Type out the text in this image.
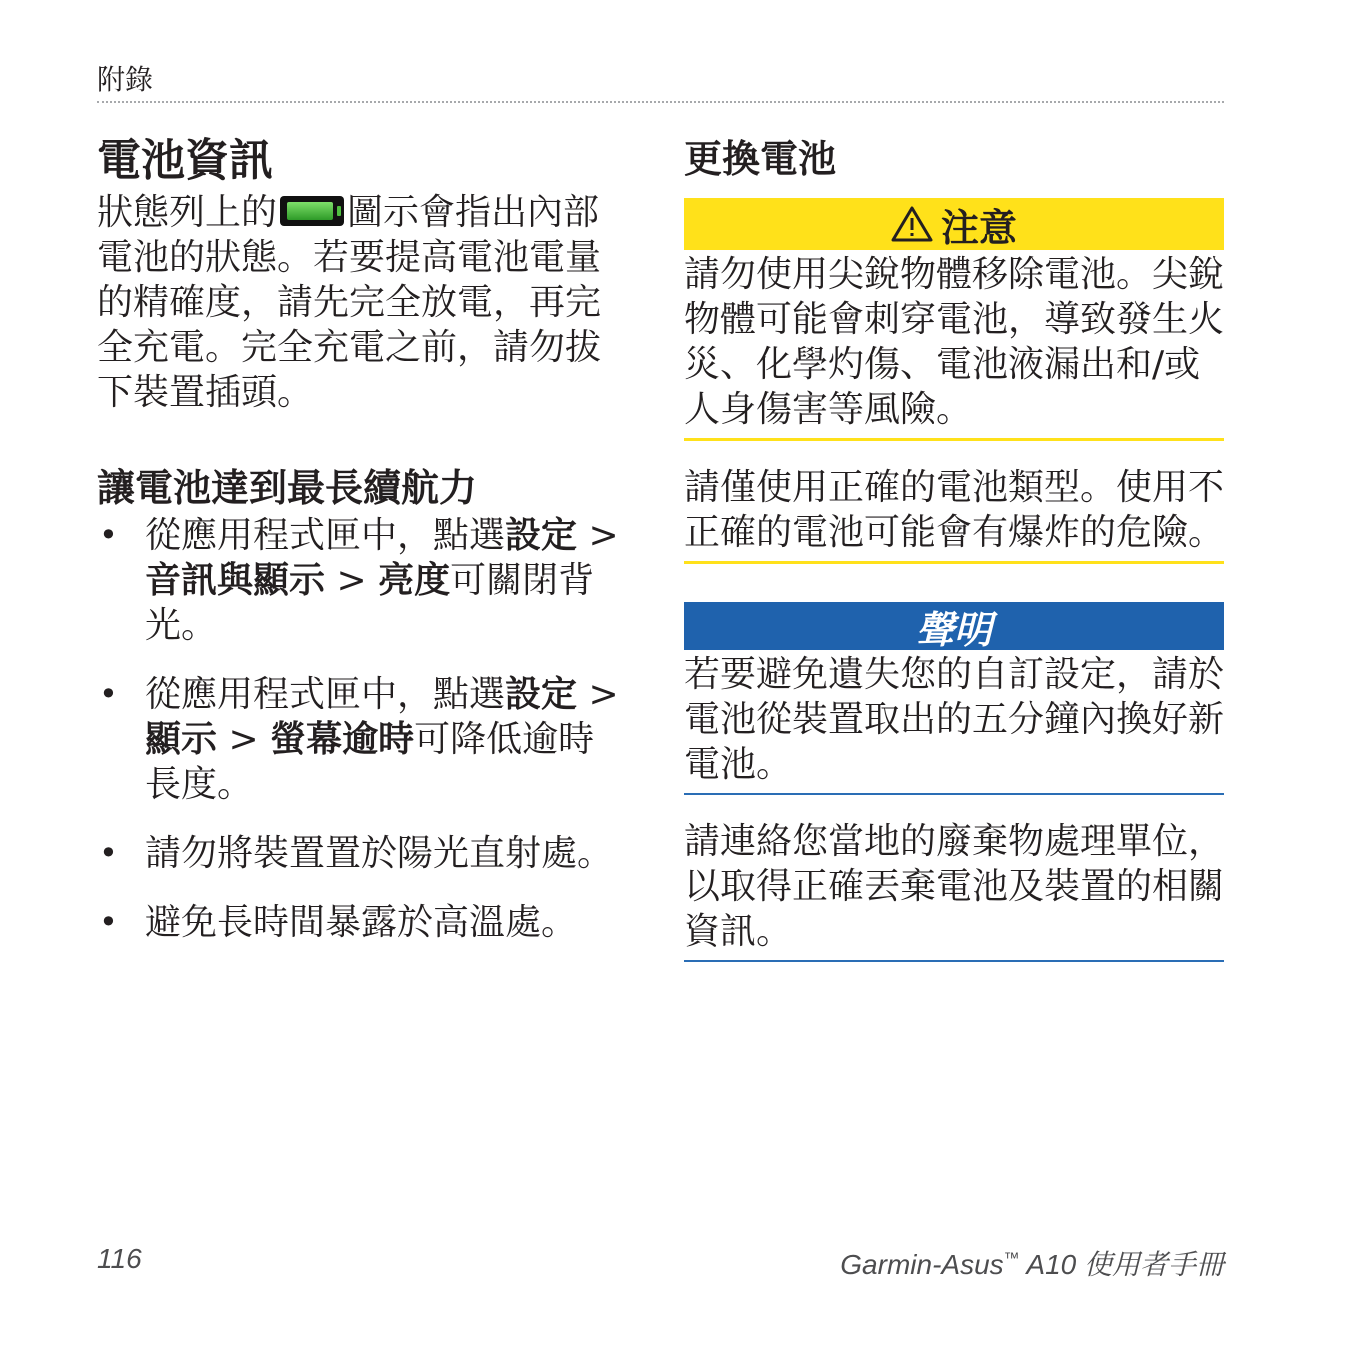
附錄
電池資訊

狀態列上的 圖示會指出內部電池的狀態。若要提高電池電量的精確度，請先完全放電，再完全充電。完全充電之前，請勿拔下裝置插頭。

讓電池達到最長續航力
• 從應用程式匣中，點選設定 > 音訊與顯示 > 亮度可關閉背光。
• 從應用程式匣中，點選設定 > 顯示 > 螢幕逾時可降低逾時長度。
• 請勿將裝置置於陽光直射處。
• 避免長時間暴露於高溫處。
更換電池
注意
請勿使用尖銳物體移除電池。尖銳物體可能會刺穿電池，導致發生火災、化學灼傷、電池液漏出和/或人身傷害等風險。
請僅使用正確的電池類型。使用不正確的電池可能會有爆炸的危險。
聲明
若要避免遺失您的自訂設定，請於電池從裝置取出的五分鐘內換好新電池。
請連絡您當地的廢棄物處理單位，以取得正確丟棄電池及裝置的相關資訊。
116	Garmin-Asus™ A10 使用者手冊
